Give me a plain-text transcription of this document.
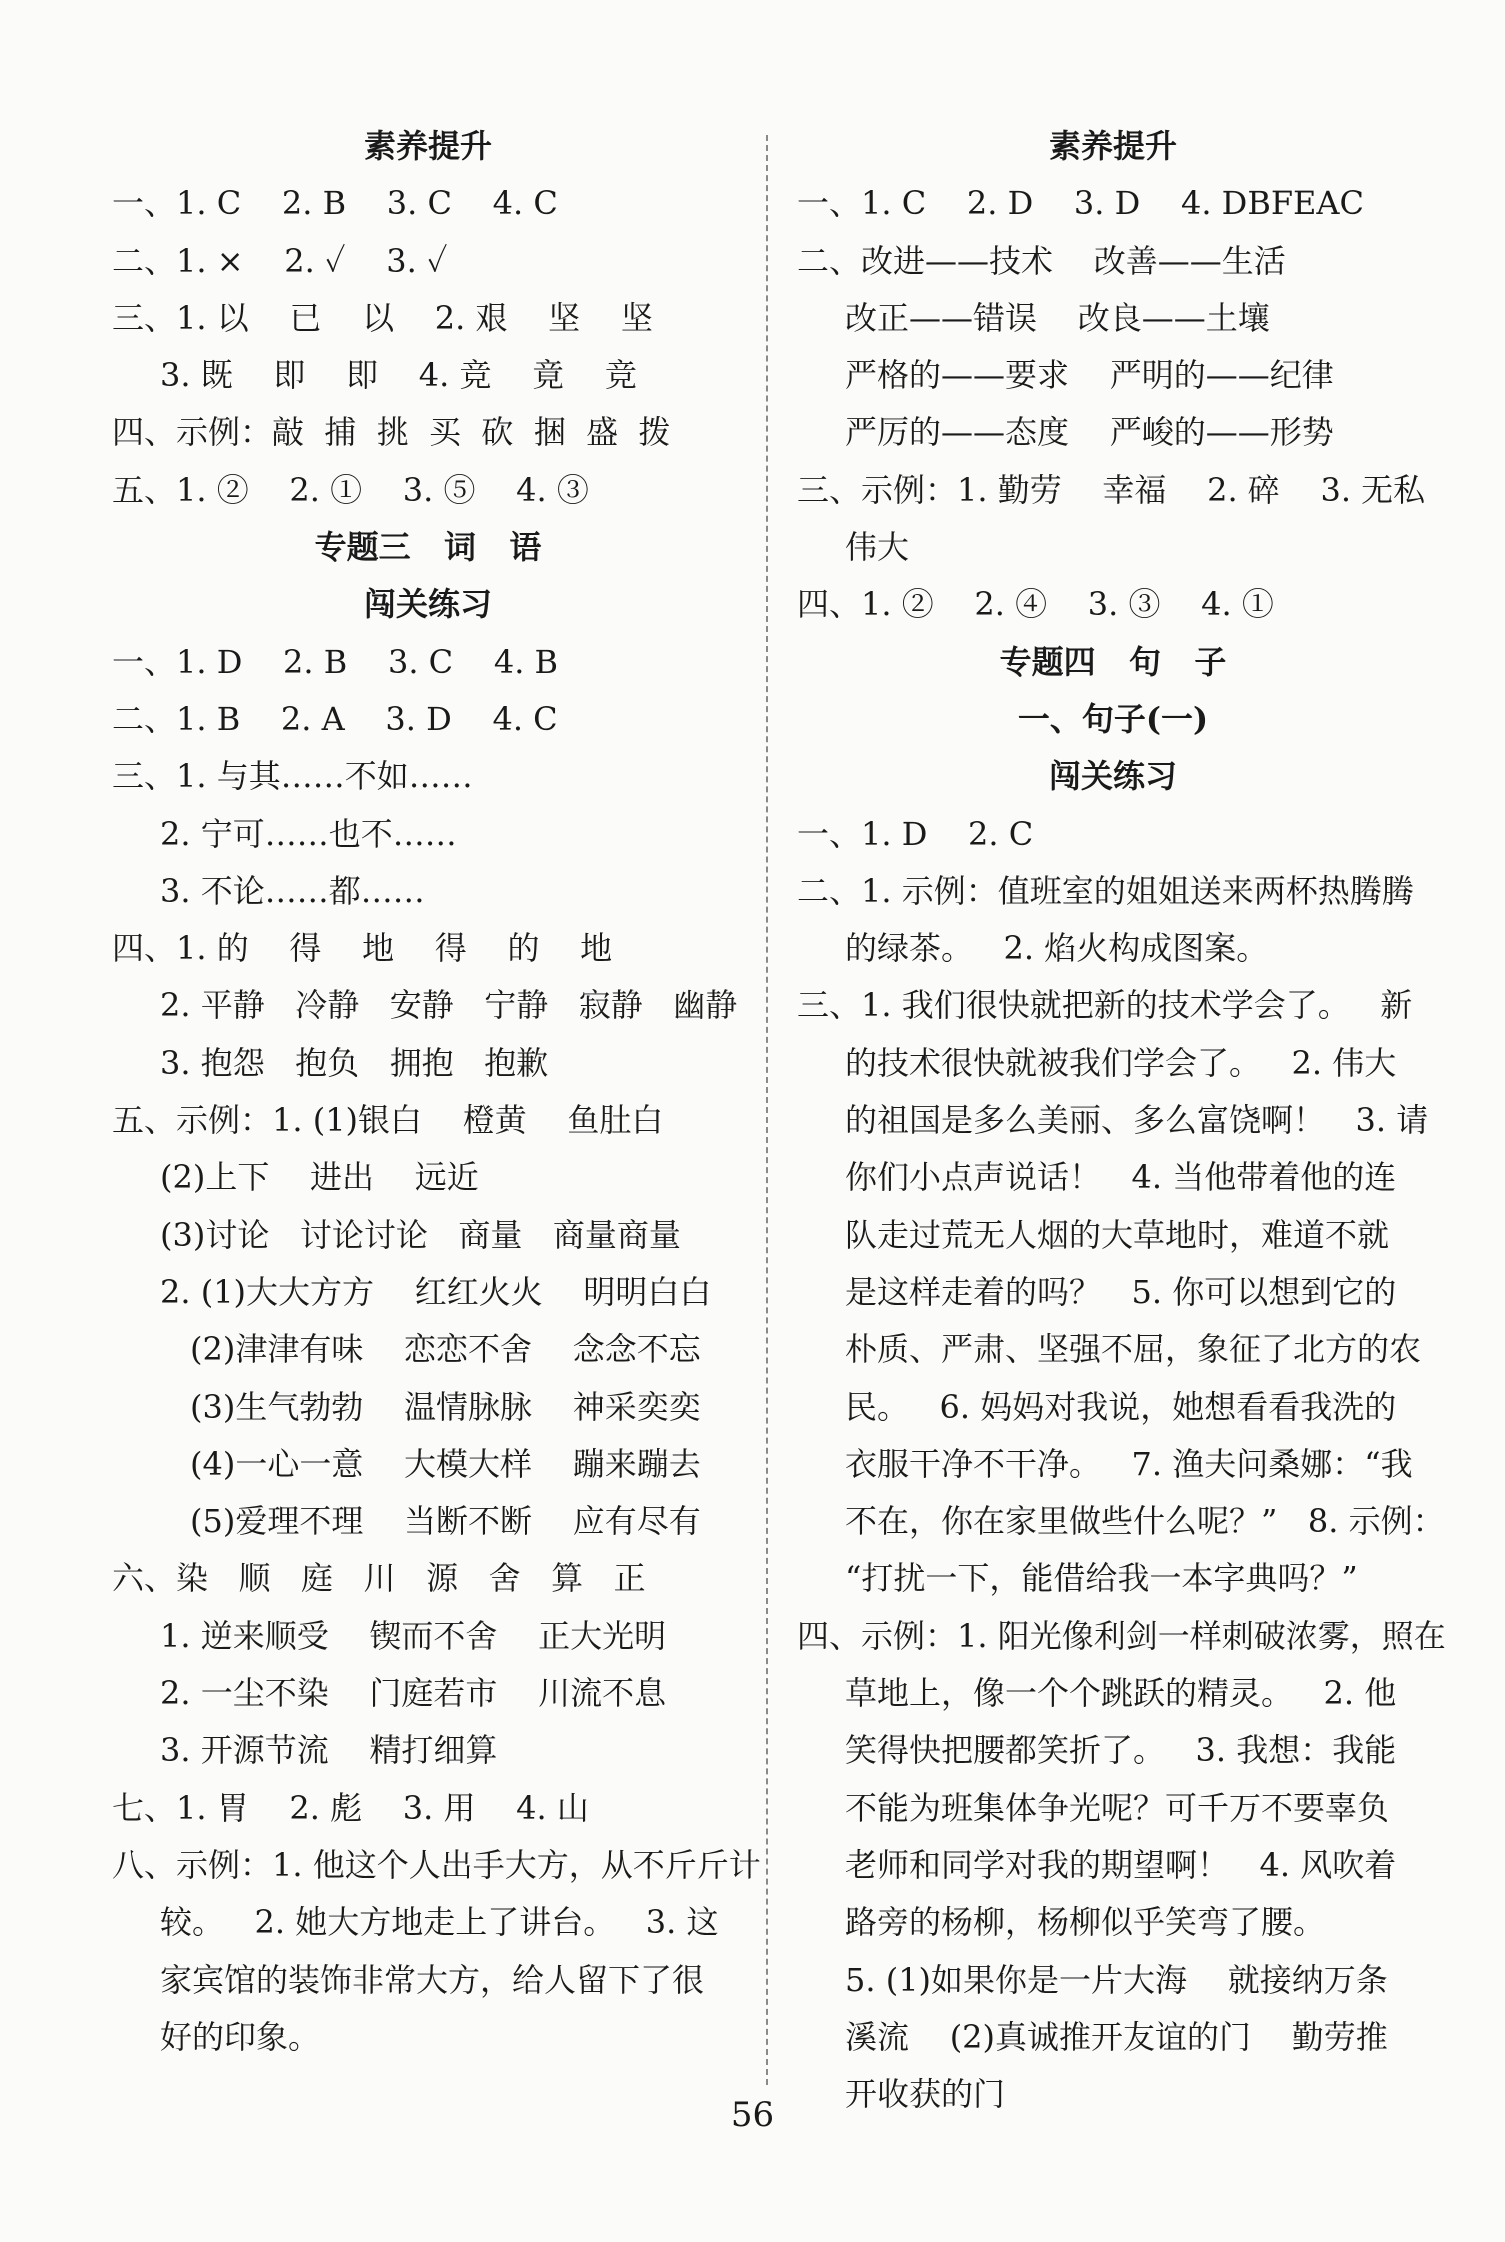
素养提升
一、1. C    2. B    3. C    4. C
二、1. ×    2. ✓    3. ✓
三、1. 以    已    以    2. 艰    坚    坚
3. 既    即    即    4. 竞    竟    竞
四、示例：敲  捕  挑  买  砍  捆  盛  拨
五、1. ②    2. ①    3. ⑤    4. ③
专题三   词   语
闯关练习
一、1. D    2. B    3. C    4. B
二、1. B    2. A    3. D    4. C
三、1. 与其……不如……
2. 宁可……也不……
3. 不论……都……
四、1. 的    得    地    得    的    地
2. 平静   冷静   安静   宁静   寂静   幽静
3. 抱怨   抱负   拥抱   抱歉
五、示例：1. (1)银白    橙黄    鱼肚白
(2)上下    进出    远近
(3)讨论   讨论讨论   商量   商量商量
2. (1)大大方方    红红火火    明明白白
(2)津津有味    恋恋不舍    念念不忘
(3)生气勃勃    温情脉脉    神采奕奕
(4)一心一意    大模大样    蹦来蹦去
(5)爱理不理    当断不断    应有尽有
六、染   顺   庭   川   源   舍   算   正
1. 逆来顺受    锲而不舍    正大光明
2. 一尘不染    门庭若市    川流不息
3. 开源节流    精打细算
七、1. 胃    2. 彪    3. 用    4. 山
八、示例：1. 他这个人出手大方，从不斤斤计
较。   2. 她大方地走上了讲台。   3. 这
家宾馆的装饰非常大方，给人留下了很
好的印象。
素养提升
一、1. C    2. D    3. D    4. DBFEAC
二、改进——技术    改善——生活
改正——错误    改良——土壤
严格的——要求    严明的——纪律
严厉的——态度    严峻的——形势
三、示例：1. 勤劳    幸福    2. 碎    3. 无私
伟大
四、1. ②    2. ④    3. ③    4. ①
专题四   句   子
一、句子(一)
闯关练习
一、1. D    2. C
二、1. 示例：值班室的姐姐送来两杯热腾腾
的绿茶。   2. 焰火构成图案。
三、1. 我们很快就把新的技术学会了。   新
的技术很快就被我们学会了。   2. 伟大
的祖国是多么美丽、多么富饶啊！   3. 请
你们小点声说话！   4. 当他带着他的连
队走过荒无人烟的大草地时，难道不就
是这样走着的吗？   5. 你可以想到它的
朴质、严肃、坚强不屈，象征了北方的农
民。   6. 妈妈对我说，她想看看我洗的
衣服干净不干净。   7. 渔夫问桑娜：“我
不在，你在家里做些什么呢？”   8. 示例：
“打扰一下，能借给我一本字典吗？”
四、示例：1. 阳光像利剑一样刺破浓雾，照在
草地上，像一个个跳跃的精灵。   2. 他
笑得快把腰都笑折了。   3. 我想：我能
不能为班集体争光呢？可千万不要辜负
老师和同学对我的期望啊！   4. 风吹着
路旁的杨柳，杨柳似乎笑弯了腰。
5. (1)如果你是一片大海    就接纳万条
溪流    (2)真诚推开友谊的门    勤劳推
开收获的门
56
